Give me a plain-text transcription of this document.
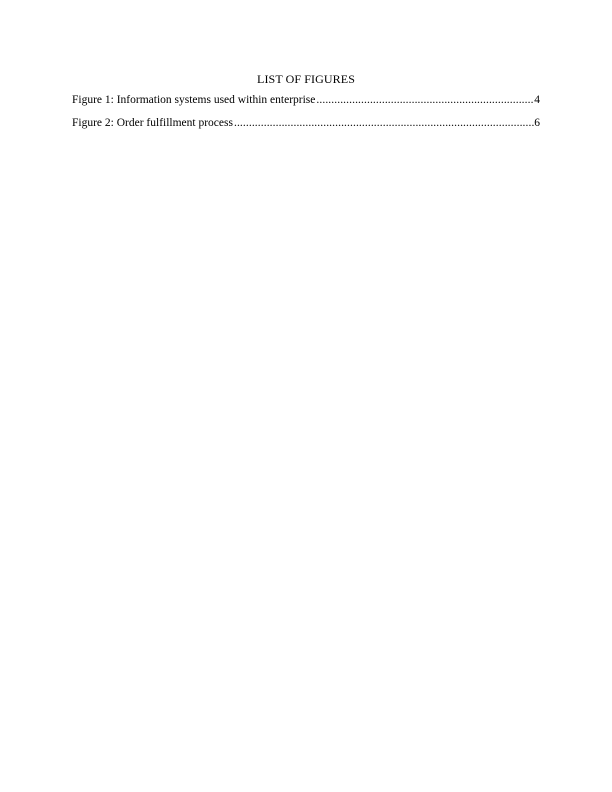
LIST OF FIGURES
Figure 1: Information systems used within enterprise .....	4
Figure 2: Order fulfillment process .....	6
